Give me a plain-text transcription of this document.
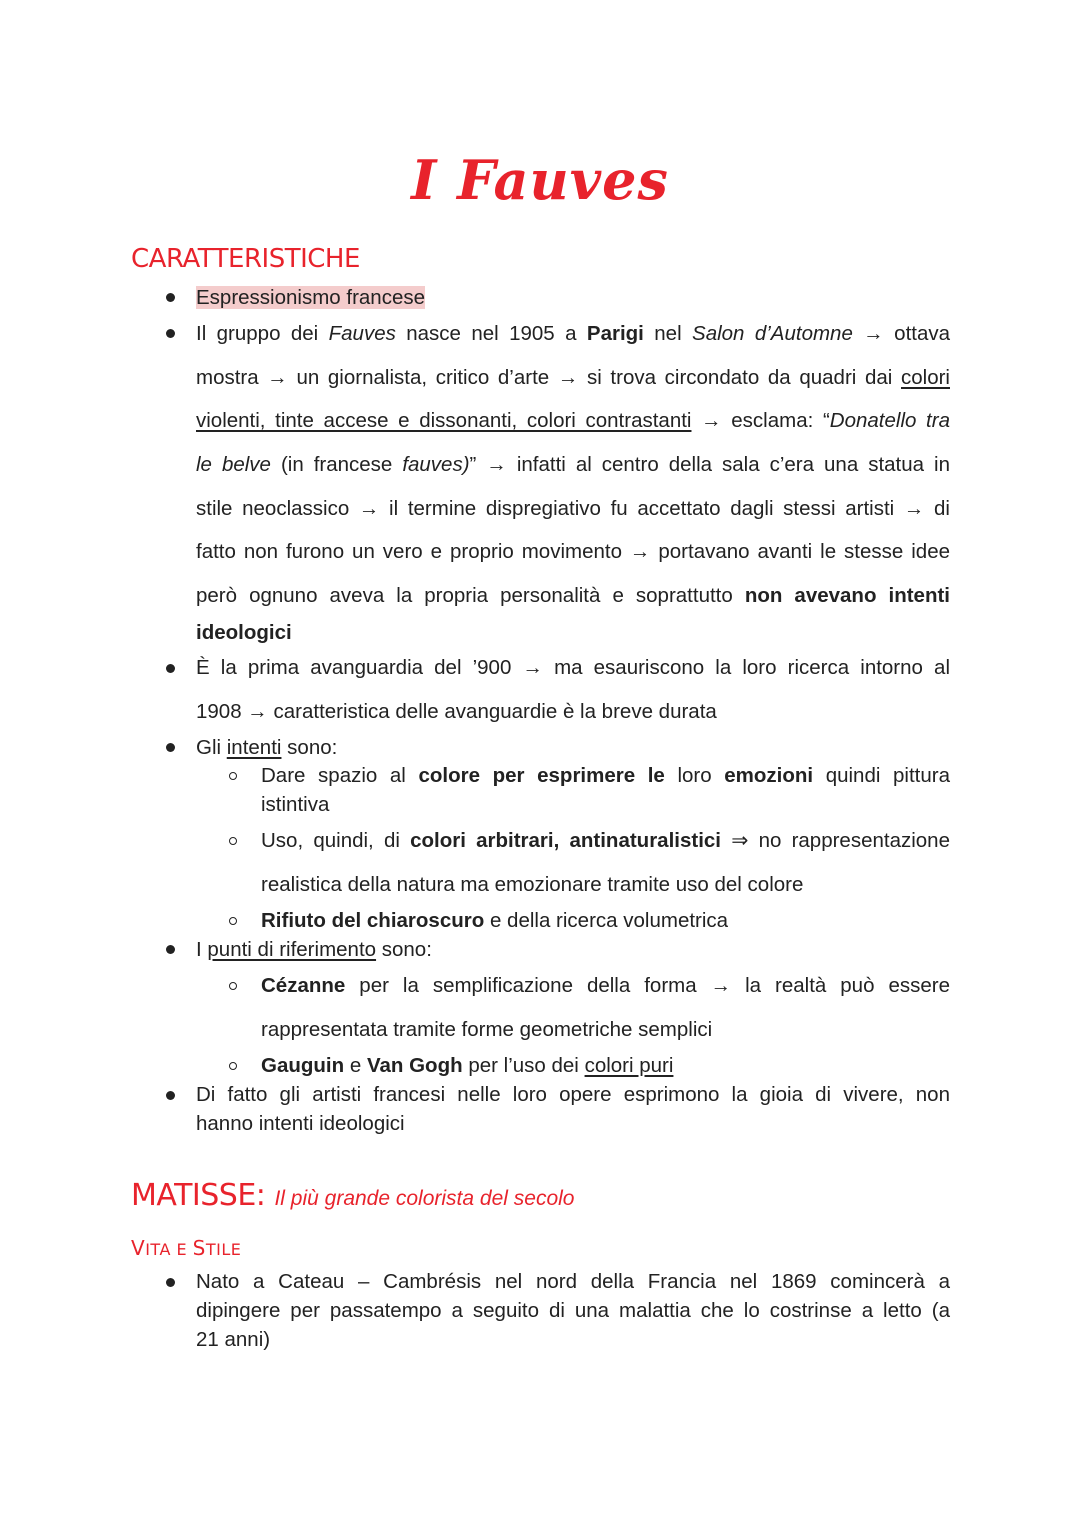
I Fauves
CARATTERISTICHE
Espressionismo francese
Il gruppo dei Fauves nasce nel 1905 a Parigi nel Salon d’Automne → ottava
mostra → un giornalista, critico d’arte → si trova circondato da quadri dai colori
violenti, tinte accese e dissonanti, colori contrastanti → esclama: “Donatello tra
le belve (in francese fauves)” → infatti al centro della sala c’era una statua in
stile neoclassico → il termine dispregiativo fu accettato dagli stessi artisti → di
fatto non furono un vero e proprio movimento → portavano avanti le stesse idee
però ognuno aveva la propria personalità e soprattutto non avevano intenti
ideologici
È la prima avanguardia del ’900 → ma esauriscono la loro ricerca intorno al
1908 → caratteristica delle avanguardie è la breve durata
Gli intenti sono:
Dare spazio al colore per esprimere le loro emozioni quindi pittura
istintiva
Uso, quindi, di colori arbitrari, antinaturalistici ⇒ no rappresentazione
realistica della natura ma emozionare tramite uso del colore
Rifiuto del chiaroscuro e della ricerca volumetrica
I punti di riferimento sono:
Cézanne per la semplificazione della forma → la realtà può essere
rappresentata tramite forme geometriche semplici
Gauguin e Van Gogh per l’uso dei colori puri
Di fatto gli artisti francesi nelle loro opere esprimono la gioia di vivere, non
hanno intenti ideologici
MATISSE: Il più grande colorista del secolo
VITA E STILE
Nato a Cateau – Cambrésis nel nord della Francia nel 1869 comincerà a
dipingere per passatempo a seguito di una malattia che lo costrinse a letto (a
21 anni)
